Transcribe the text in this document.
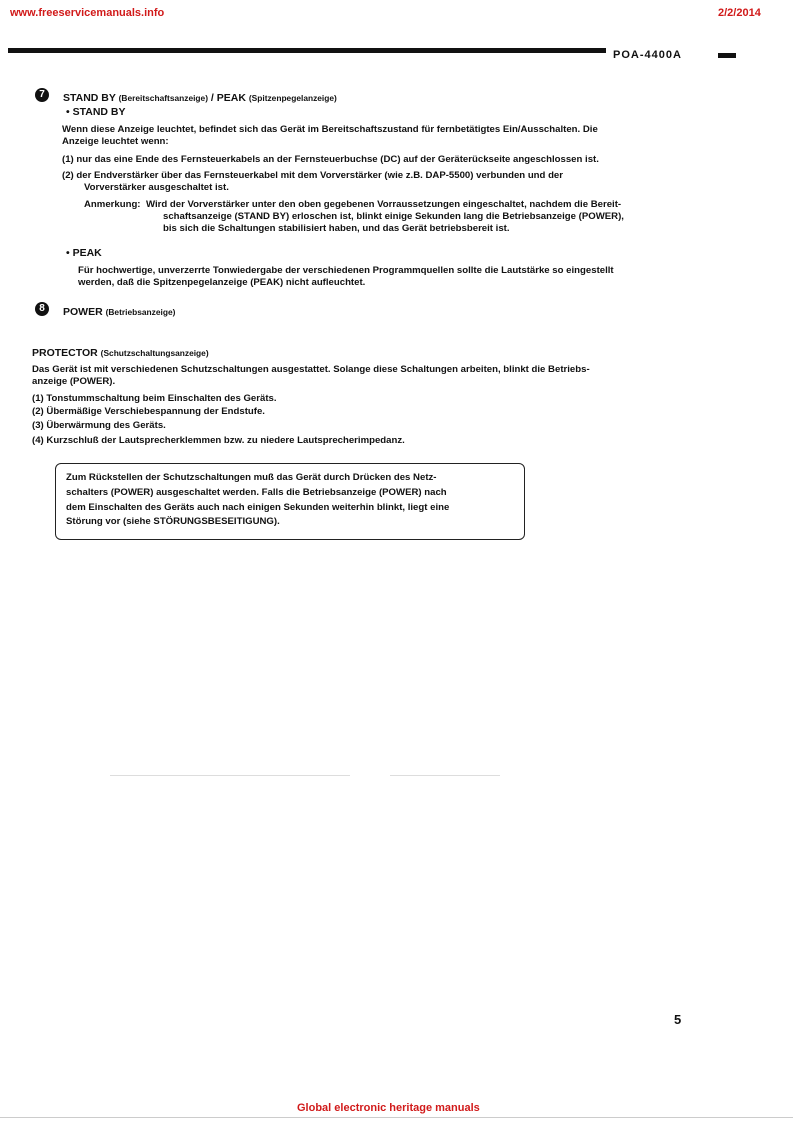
www.freeservicemanuals.info	2/2/2014
POA-4400A
7	STAND BY (Bereitschaftsanzeige) / PEAK (Spitzenpegelanzeige)
• STAND BY
Wenn diese Anzeige leuchtet, befindet sich das Gerät im Bereitschaftszustand für fernbetätigtes Ein/Ausschalten. Die
Anzeige leuchtet wenn:
(1) nur das eine Ende des Fernsteuerkabels an der Fernsteuerbuchse (DC) auf der Geräterückseite angeschlossen ist.
(2) der Endverstärker über das Fernsteuerkabel mit dem Vorverstärker (wie z.B. DAP-5500) verbunden und der
Vorverstärker ausgeschaltet ist.
Anmerkung: Wird der Vorverstärker unter den oben gegebenen Vorraussetzungen eingeschaltet, nachdem die Bereit-
schaftsanzeige (STAND BY) erloschen ist, blinkt einige Sekunden lang die Betriebsanzeige (POWER),
bis sich die Schaltungen stabilisiert haben, und das Gerät betriebsbereit ist.
• PEAK
Für hochwertige, unverzerrte Tonwiedergabe der verschiedenen Programmquellen sollte die Lautstärke so eingestellt
werden, daß die Spitzenpegelanzeige (PEAK) nicht aufleuchtet.
8	POWER (Betriebsanzeige)
PROTECTOR (Schutzschaltungsanzeige)
Das Gerät ist mit verschiedenen Schutzschaltungen ausgestattet. Solange diese Schaltungen arbeiten, blinkt die Betriebs-
anzeige (POWER).
(1) Tonstummschaltung beim Einschalten des Geräts.
(2) Übermäßige Verschiebespannung der Endstufe.
(3) Überwärmung des Geräts.
(4) Kurzschluß der Lautsprecherklemmen bzw. zu niedere Lautsprecherimpedanz.
Zum Rückstellen der Schutzschaltungen muß das Gerät durch Drücken des Netz-
schalters (POWER) ausgeschaltet werden. Falls die Betriebsanzeige (POWER) nach
dem Einschalten des Geräts auch nach einigen Sekunden weiterhin blinkt, liegt eine
Störung vor (siehe STÖRUNGSBESEITIGUNG).
5
Global electronic heritage manuals
